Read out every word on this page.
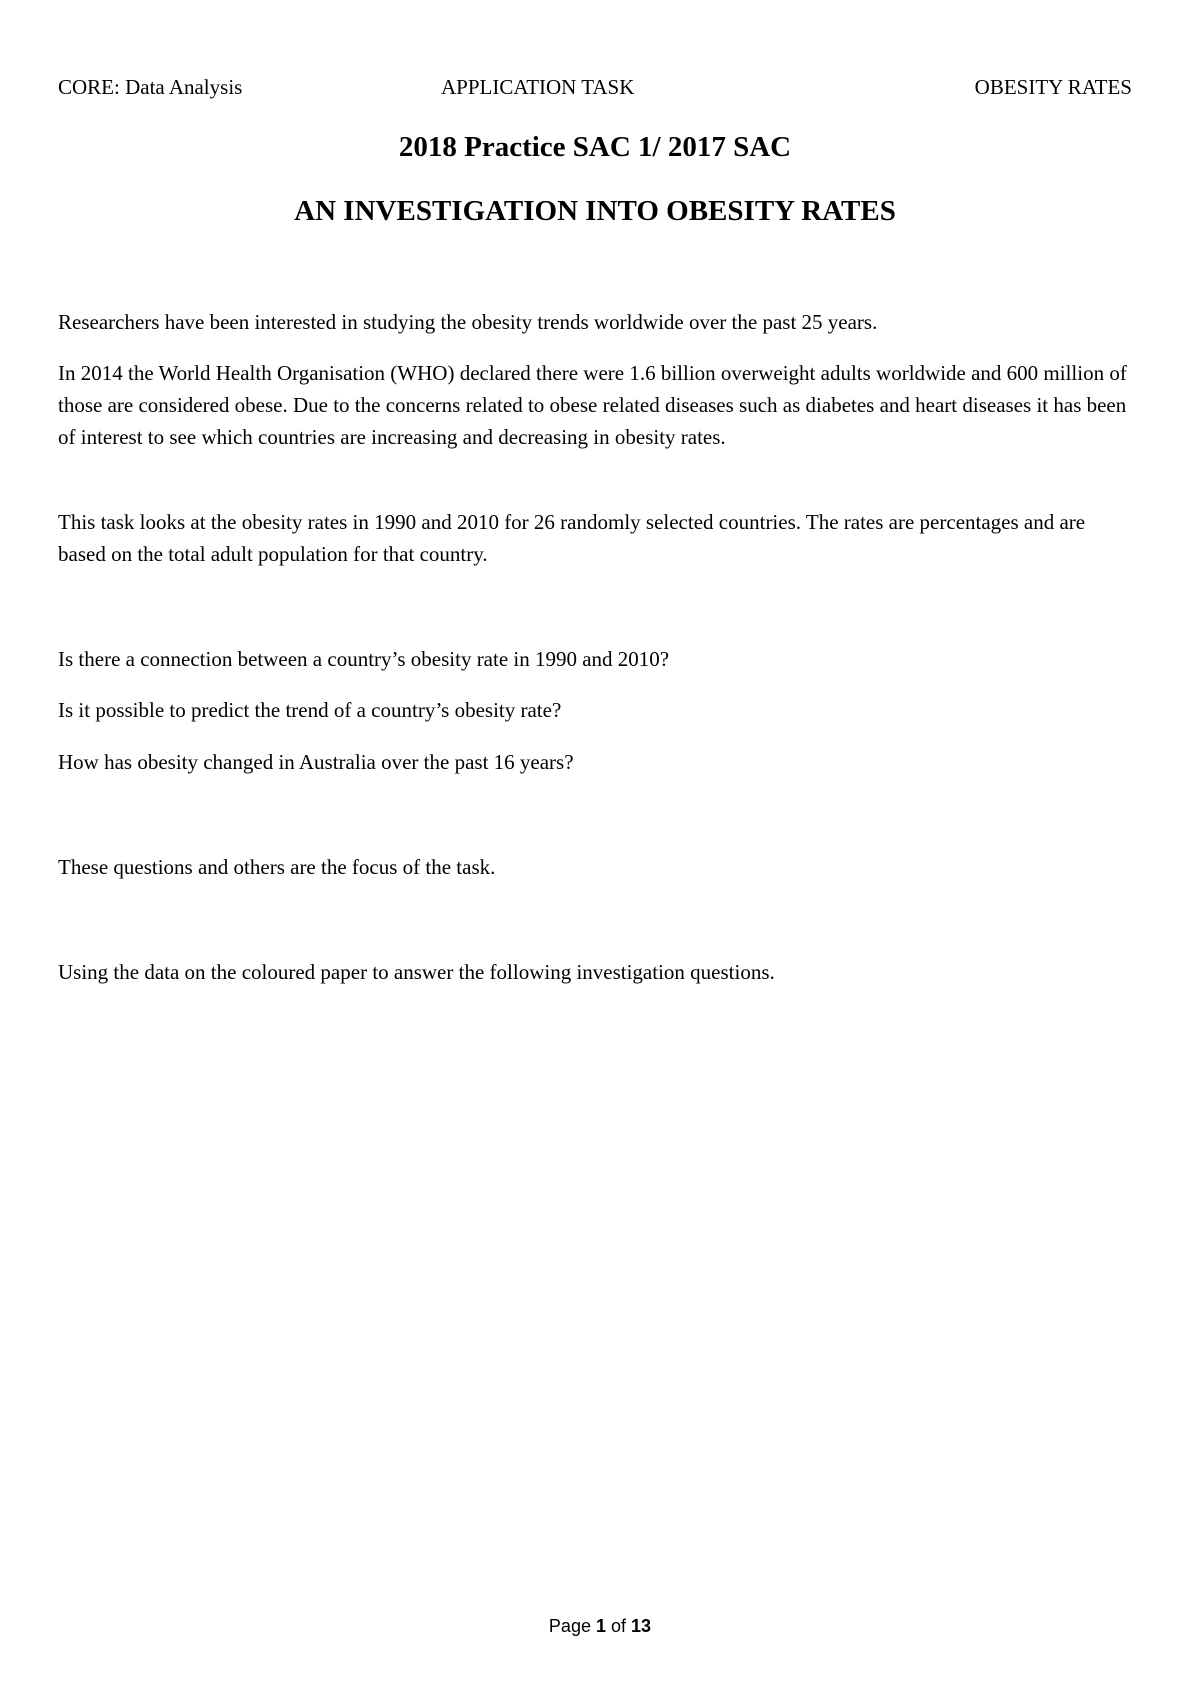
CORE: Data Analysis	APPLICATION TASK	OBESITY RATES
2018 Practice SAC 1/ 2017 SAC
AN INVESTIGATION INTO OBESITY RATES

Researchers have been interested in studying the obesity trends worldwide over the past 25 years.

In 2014 the World Health Organisation (WHO) declared there were 1.6 billion overweight adults worldwide and 600 million of those are considered obese. Due to the concerns related to obese related diseases such as diabetes and heart diseases it has been of interest to see which countries are increasing and decreasing in obesity rates.

This task looks at the obesity rates in 1990 and 2010 for 26 randomly selected countries. The rates are percentages and are based on the total adult population for that country.

Is there a connection between a country’s obesity rate in 1990 and 2010?

Is it possible to predict the trend of a country’s obesity rate?

How has obesity changed in Australia over the past 16 years?

These questions and others are the focus of the task.

Using the data on the coloured paper to answer the following investigation questions.

Page 1 of 13
